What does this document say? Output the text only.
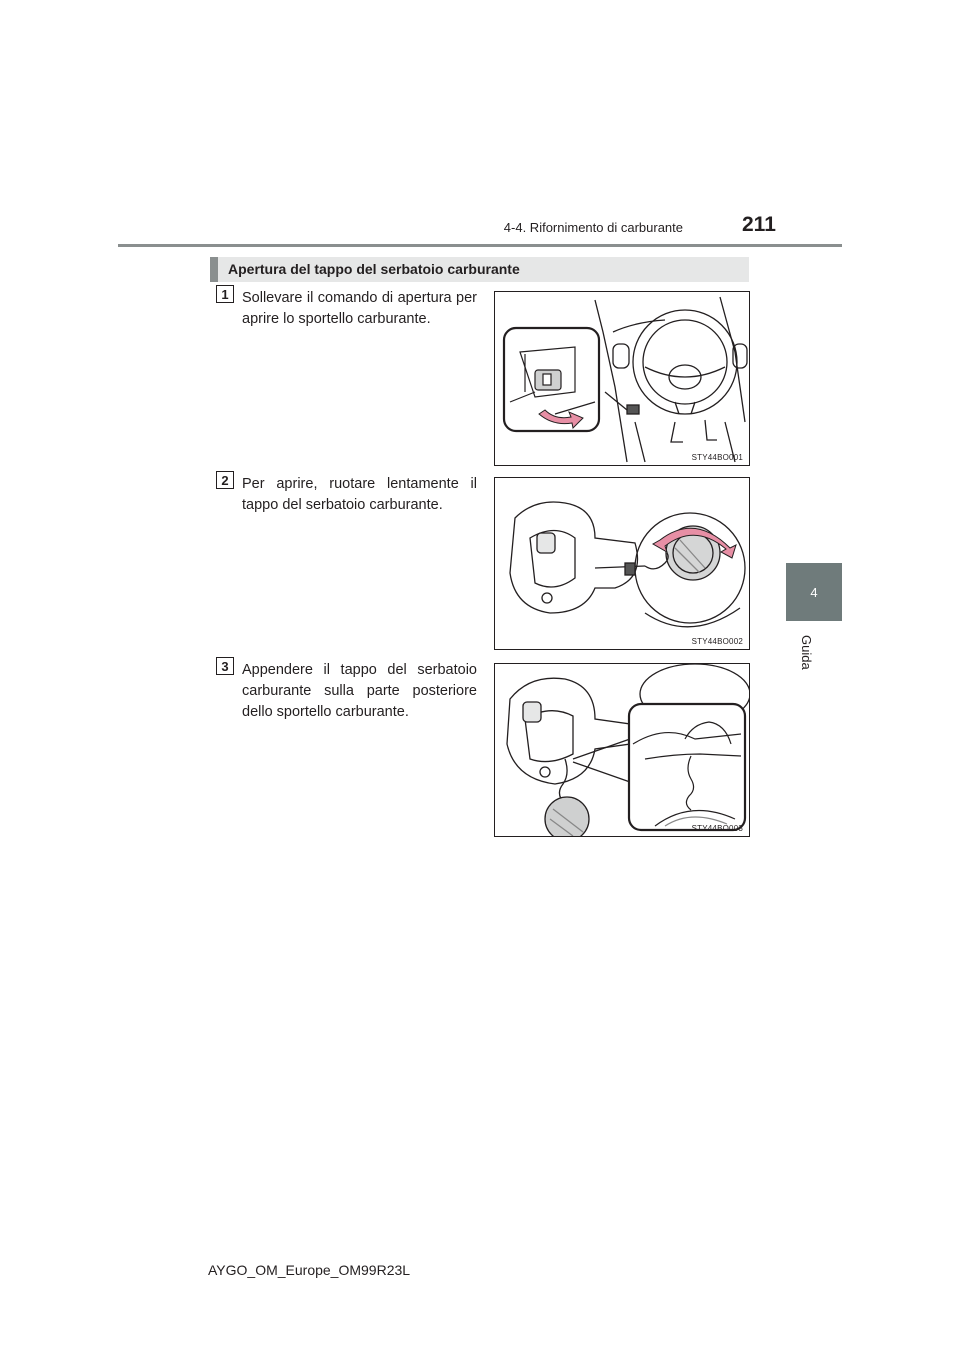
4-4. Rifornimento di carburante	211
4
Guida
Apertura del tappo del serbatoio carburante
1 Sollevare il comando di apertura per aprire lo sportello carburante.
STY44BO001
2 Per aprire, ruotare lentamente il tappo del serbatoio carburante.
STY44BO002
3 Appendere il tappo del serbatoio carburante sulla parte posteriore dello sportello carburante.
STY44BO003
AYGO_OM_Europe_OM99R23L
